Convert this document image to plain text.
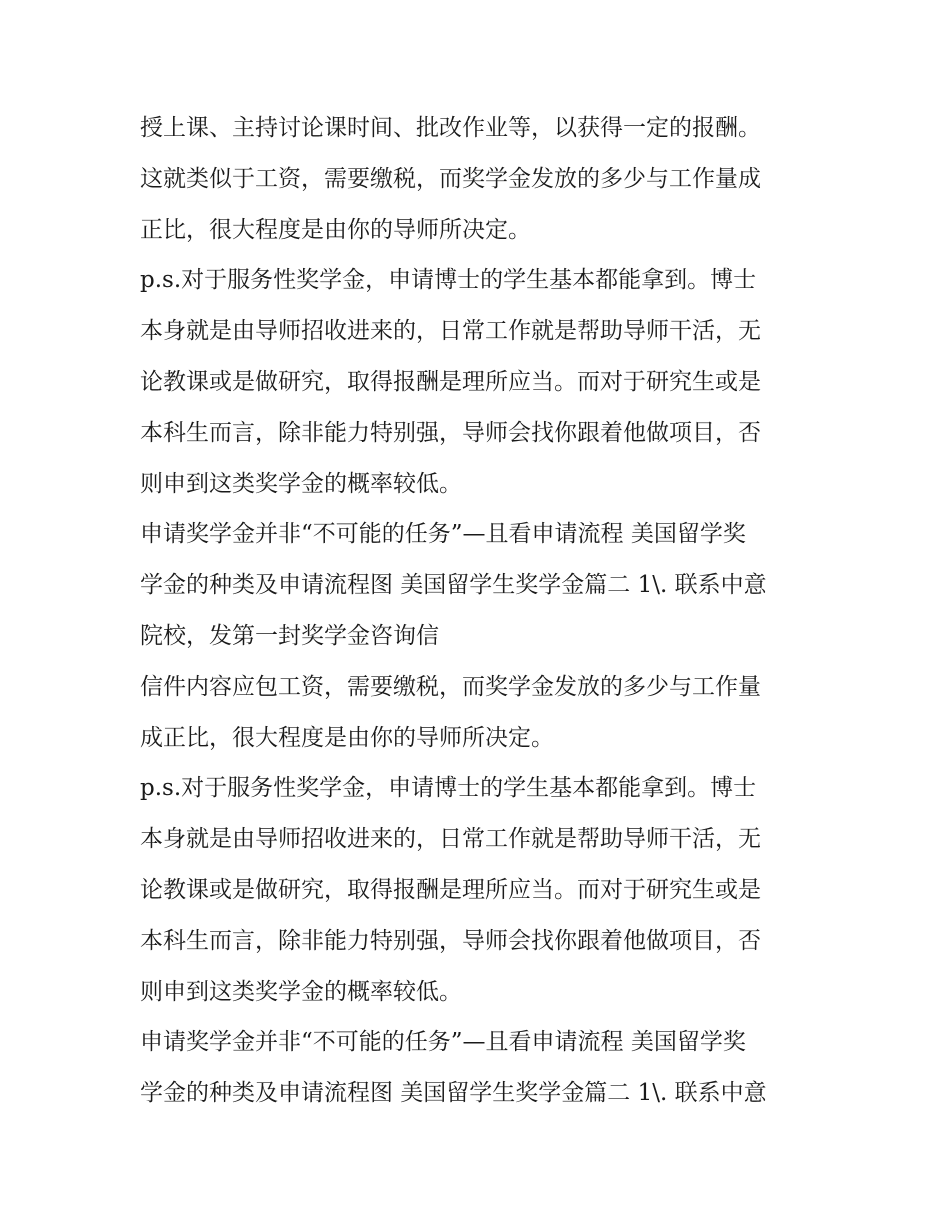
授上课、主持讨论课时间、批改作业等，以获得一定的报酬。
这就类似于工资，需要缴税，而奖学金发放的多少与工作量成
正比，很大程度是由你的导师所决定。
p.s.对于服务性奖学金，申请博士的学生基本都能拿到。博士
本身就是由导师招收进来的，日常工作就是帮助导师干活，无
论教课或是做研究，取得报酬是理所应当。而对于研究生或是
本科生而言，除非能力特别强，导师会找你跟着他做项目，否
则申到这类奖学金的概率较低。
申请奖学金并非“不可能的任务”—且看申请流程 美国留学奖
学金的种类及申请流程图 美国留学生奖学金篇二 1\. 联系中意
院校，发第一封奖学金咨询信
信件内容应包工资，需要缴税，而奖学金发放的多少与工作量
成正比，很大程度是由你的导师所决定。
p.s.对于服务性奖学金，申请博士的学生基本都能拿到。博士
本身就是由导师招收进来的，日常工作就是帮助导师干活，无
论教课或是做研究，取得报酬是理所应当。而对于研究生或是
本科生而言，除非能力特别强，导师会找你跟着他做项目，否
则申到这类奖学金的概率较低。
申请奖学金并非“不可能的任务”—且看申请流程 美国留学奖
学金的种类及申请流程图 美国留学生奖学金篇二 1\. 联系中意
